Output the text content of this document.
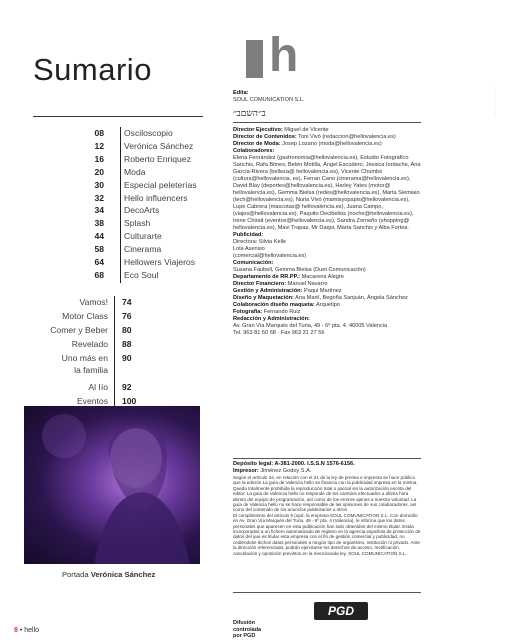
Sumario
08 Osciloscopio
12 Verónica Sánchez
16 Roberto Enriquez
20 Moda
30 Especial peleterías
32 Hello influencers
34 DecoArts
38 Splash
44 Culturarte
58 Cinerama
64 Hellowers Viajeros
68 Eco Soul
Vamos! 74
Motor Class 76
Comer y Beber 80
Revelado 88
Uno más en
la familia
90
Al Iío 92
Eventos 100
Portada Verónica Sánchez
revista de tendencias
h

Edita:

SOUL COMUNICATION S.L.

ב״השםב״

Director Ejecutivo: Miguel de Vicente

Director de Contenidos: Toni Vivó (redaccion@hellovalencia.es)

Director de Moda: Josep Lozano (moda@hellovalencia.es)

Colaboradores:

Elena Fernández (gastronomia@hellovalencia.es), Estudio Fotográfico Sanchis, Rafa Bitnes, Belén Motilla, Ángel Escudero, Jessica Iordache, Ana García-Rivera (belleza@ hellovalencia.es), Vicente Chumbó (cultura@hellovalencia. es), Ferran Cano (cinerama@hellovalencia.es), David Blay (deportes@hellovalencia.es), Harley Yates (motor@ hellovalencia.es), Gemma Bielsa (redes@hellovalencia.es), Marta Siemiaio (tech@hellovalencia.es), Nuria Vivó (mamisyopapis@hellovalencia.es), Lupe Cabrera (mascotas@ hellovalencia.es), Juana Campo, (viajes@hellovalencia.es), Paquito Decibelios (noche@hellovalencia.es), Irene Chirait (eventos@hellovalencia.es), Sandra Zorneño (shopping@ hellovalencia.es), Mavi Trapas, Mr Daqui, Marta Sanchis y Alba Fortea.

Publicidad:

Directora: Silvia Kelle

Lola Asensio

(comercial@hellovalencia.es)

Comunicación:

Susana Faubell, Gemma Bielsa (Duet Comunicación)

Departamento de RR.PP.: Macarena Alegre

Director Financiero: Manuel Navarro

Gestión y Administración: Paqui Martínez

Diseño y Maquetación: Ana Martí, Begoña Sanjuán, Ángela Sánchez

Colaboración diseño maqueta: Arquetipo

Fotografía: Fernando Ruiz

Redacción y Administración:

Av. Gran Vía Marqués del Turia, 49 - 6º pta. 4. 46005 Valencia

Tel. 963 81 50 68 · Fax 963 31 27 56

Depósito legal: A-381-2000. I.S.S.N 1576-6156.

Impresor: Jiménez Godoy S.A.

Según el artículo 34, en relación con el 21 de la ley de prensa e imprenta se hace público que la edición La guía de Valencia hello se financia con la publicidad impresa en la misma. Queda totalmente prohibida la reproducción total o parcial sin la autorización escrita del editor. La guía de Valencia hello no responde de los cambios efectuados a última hora dentro del equipo de programación, así como de los errores ajenos a nuestra voluntad. La guía de Valencia hello no se hace responsable de las opiniones de sus colaboradores, así como del contenido de los anuncios publicitarios u otros.

El cumplimiento del artículo 5 (opd, la empresa SOUL COMUNICATION S.L. Con domicilio en Av. Gran Vía Marqués del Turia, 49 - 6º pta. 4 (Valencia), le informa que los datos personales que aparecen en esta publicación han sido obtenidos del mismo titular. Están incorporados a un fichero automatizado de registro en la agencia española de protección de datos del que es titular esta empresa con el fin de gestión comercial y publicidad, no cediéndose dichos datos personales a ningún tipo de organismo, institución ni privado. Ante la dirección referenciada, podrán ejercitarse los derechos de acceso, rectificación, cancelación y oposición previstos en la mencionada ley. SOUL COMUNICATION S.L.

Difusión
controlada
por PGD
PGD
8 • hello
